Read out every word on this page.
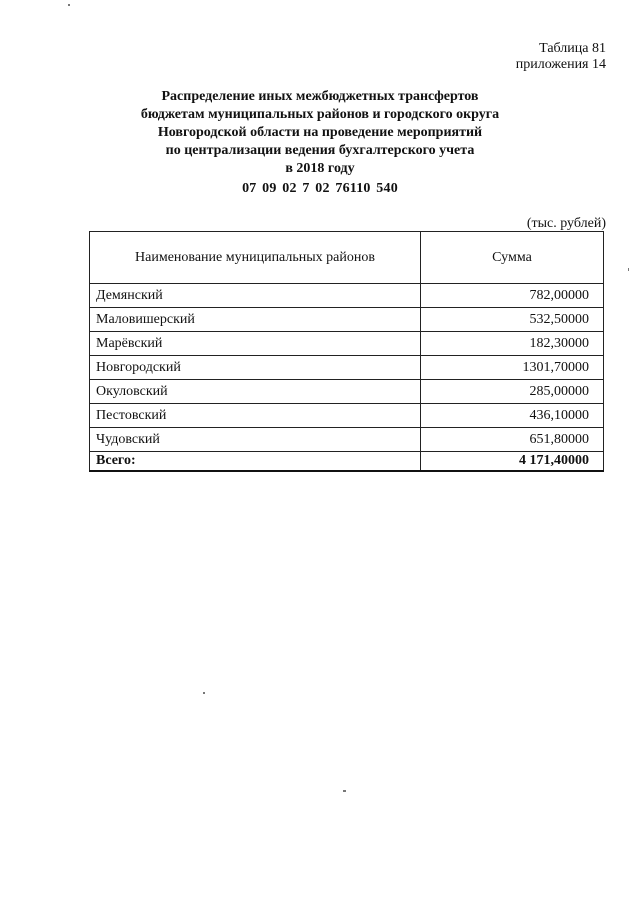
Таблица 81
приложения 14
Распределение иных межбюджетных трансфертов
бюджетам муниципальных районов и городского округа
Новгородской области на проведение мероприятий
по централизации ведения бухгалтерского учета
в 2018 году
07 09 02 7 02 76110 540
(тыс. рублей)
Наименование муниципальных районов	Сумма
Демянский	782,00000
Маловишерский	532,50000
Марёвский	182,30000
Новгородский	1301,70000
Окуловский	285,00000
Пестовский	436,10000
Чудовский	651,80000
Всего:	4 171,40000
